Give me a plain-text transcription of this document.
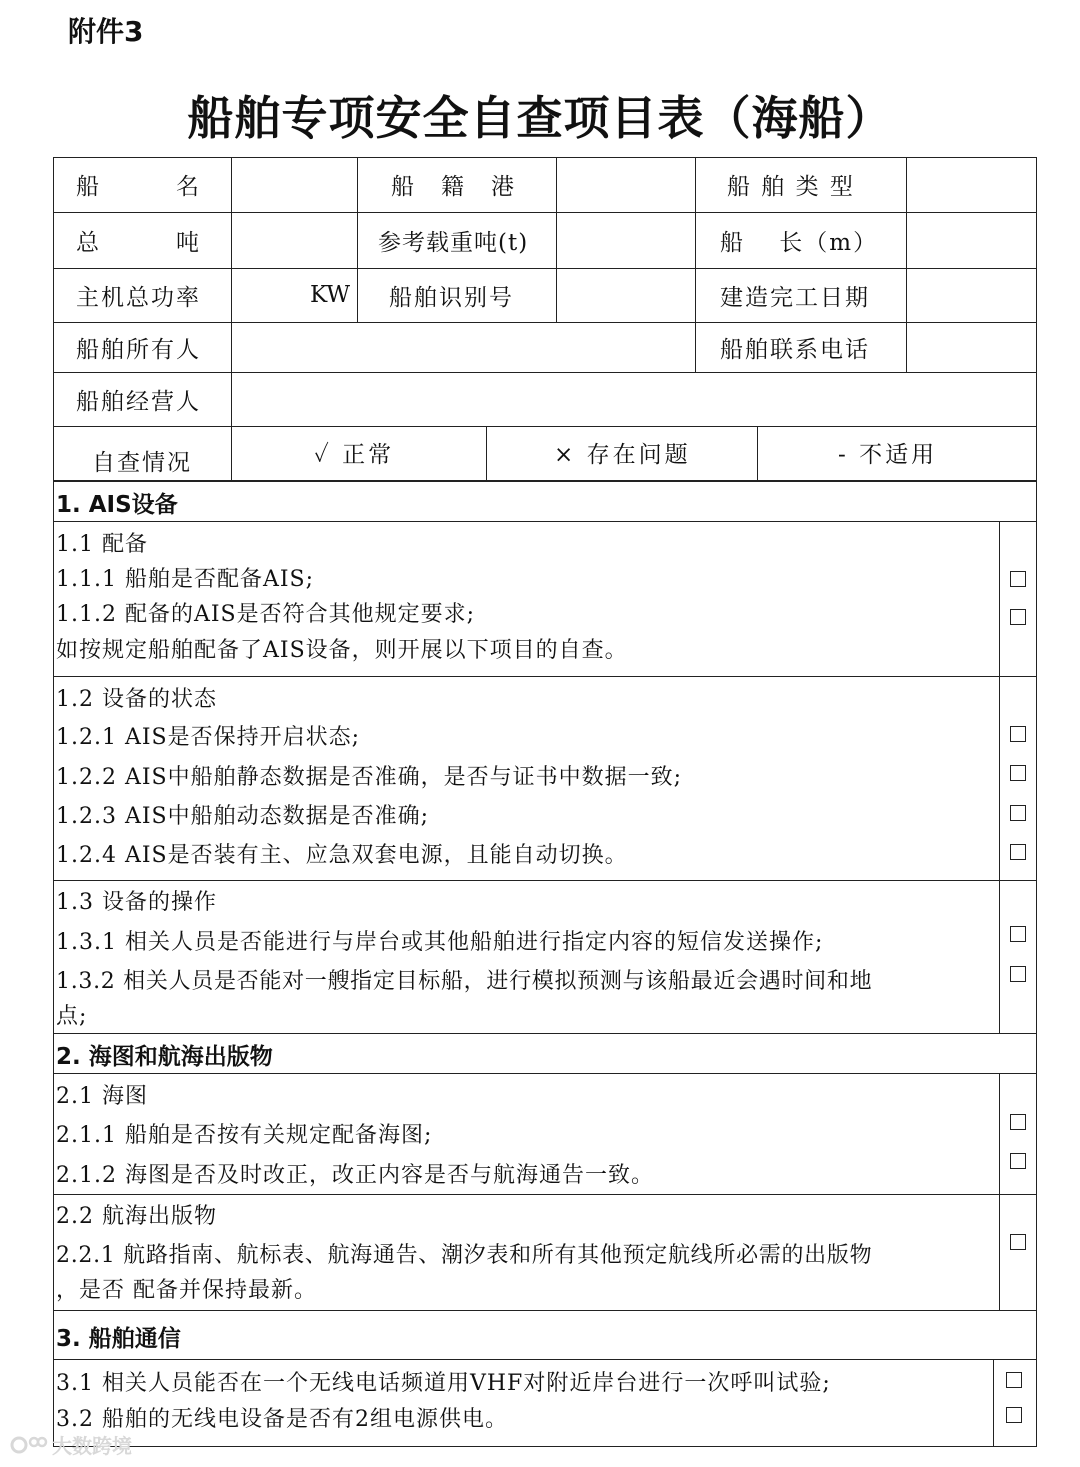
附件3
船舶专项安全自查项目表（海船）
船　　　名	船　籍　港	船 舶 类 型
总　　　吨	参考载重吨(t)	船　 长（m）
主机总功率	KW 船舶识别号	建造完工日期
船舶所有人	船舶联系电话
船舶经营人
自查情况	✓ 正常	× 存在问题	- 不适用
1. AIS设备
1.1 配备
1.1.1 船舶是否配备AIS;
1.1.2 配备的AIS是否符合其他规定要求;
如按规定船舶配备了AIS设备，则开展以下项目的自查。
1.2 设备的状态
1.2.1 AIS是否保持开启状态;
1.2.2 AIS中船舶静态数据是否准确，是否与证书中数据一致;
1.2.3 AIS中船舶动态数据是否准确;
1.2.4 AIS是否装有主、应急双套电源，且能自动切换。
1.3 设备的操作
1.3.1 相关人员是否能进行与岸台或其他船舶进行指定内容的短信发送操作;
1.3.2 相关人员是否能对一艘指定目标船，进行模拟预测与该船最近会遇时间和地
点;
2. 海图和航海出版物
2.1 海图
2.1.1 船舶是否按有关规定配备海图;
2.1.2 海图是否及时改正，改正内容是否与航海通告一致。
2.2 航海出版物
2.2.1 航路指南、航标表、航海通告、潮汐表和所有其他预定航线所必需的出版物
，是否 配备并保持最新。
3. 船舶通信
3.1 相关人员能否在一个无线电话频道用VHF对附近岸台进行一次呼叫试验;
3.2 船舶的无线电设备是否有2组电源供电。
大数跨境
